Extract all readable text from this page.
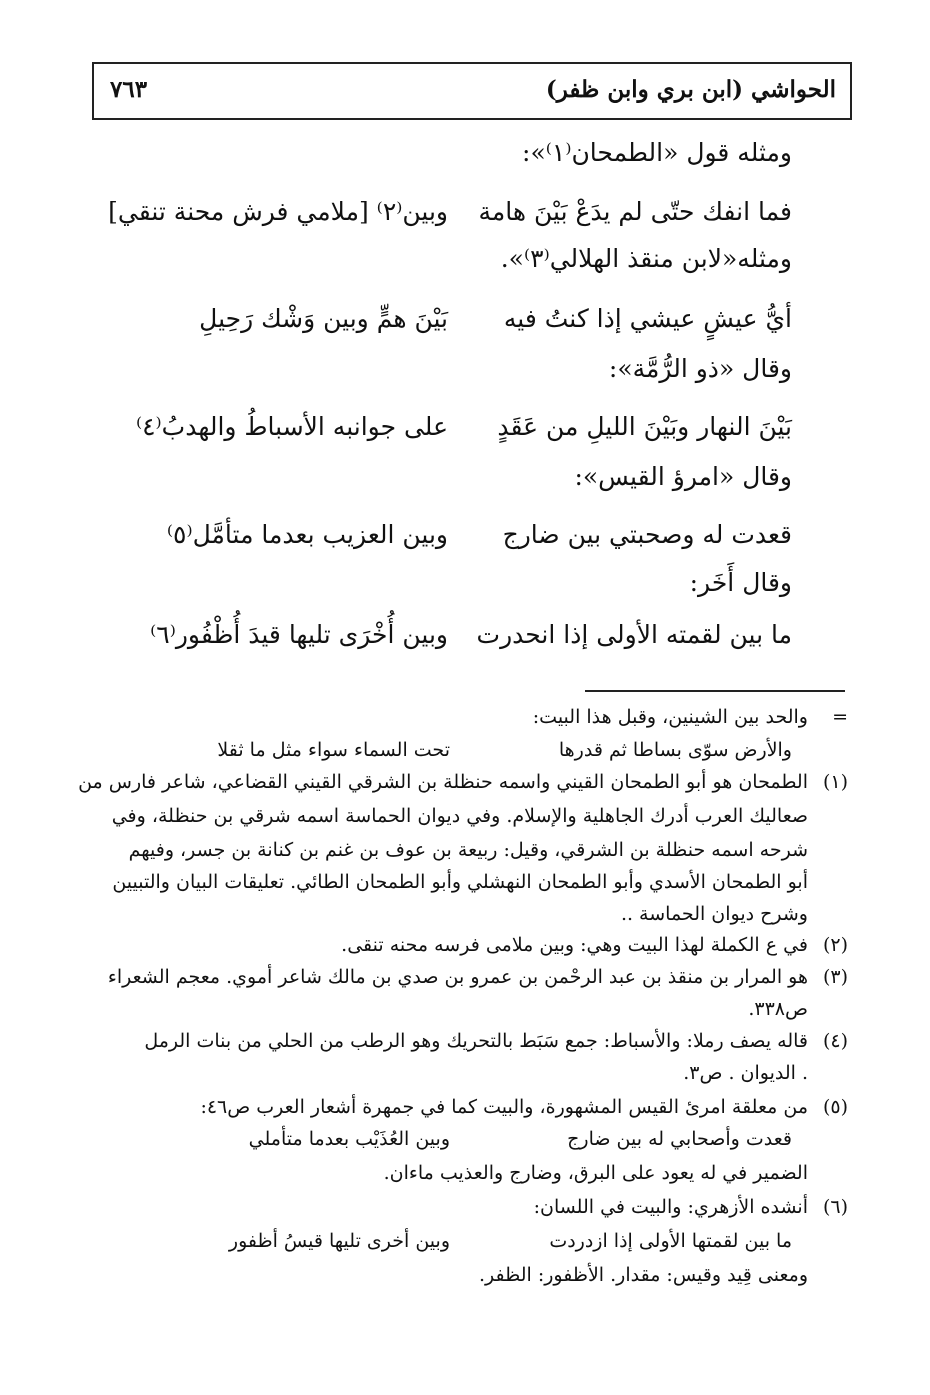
الحواشي (ابن بري وابن ظفر)
٧٦٣
ومثله قول «الطمحان⁽١⁾»:
فما انفك حتّى لم يدَعْ بَيْنَ هامة
وبين⁽٢⁾ [ملامي فرش محنة تنقي]
ومثله«لابن منقذ الهلالي⁽٣⁾».
أيُّ عيشٍ عيشي إذا كنتُ فيه
بَيْنَ همٍّ وبين وَشْك رَحِيلِ
وقال «ذو الرُّمَّة»:
بَيْنَ النهار وبَيْنَ الليلِ من عَقَدٍ
على جوانبه الأسباطُ والهدبُ⁽٤⁾
وقال «امرؤ القيس»:
قعدت له وصحبتي بين ضارج
وبين العزيب بعدما متأمَّل⁽٥⁾
وقال أَخَر:
ما بين لقمته الأولى إذا انحدرت
وبين أُخْرَى تليها قيدَ أُظْفُور⁽٦⁾
=
والحد بين الشينين، وقبل هذا البيت:
والأرض سوّى بساطا ثم قدرها
تحت السماء سواء مثل ما ثقلا
(١)
الطمحان هو أبو الطمحان القيني واسمه حنظلة بن الشرقي القيني القضاعي، شاعر فارس من
صعاليك العرب أدرك الجاهلية والإسلام. وفي ديوان الحماسة اسمه شرقي بن حنظلة، وفي
شرحه اسمه حنظلة بن الشرقي، وقيل: ربيعة بن عوف بن غنم بن كنانة بن جسر، وفيهم
أبو الطمحان الأسدي وأبو الطمحان النهشلي وأبو الطمحان الطائي. تعليقات البيان والتبيين
وشرح ديوان الحماسة ..
(٢)
في ع الكملة لهذا البيت وهي: وبين ملامى فرسه محنه تنقى.
(٣)
هو المرار بن منقذ بن عبد الرحْمن بن عمرو بن صدي بن مالك شاعر أموي. معجم الشعراء
ص٣٣٨.
(٤)
قاله يصف رملا: والأسباط: جمع سَبَط بالتحريك وهو الرطب من الحلي من بنات الرمل
. الديوان . ص٣.
(٥)
من معلقة امرئ القيس المشهورة، والبيت كما في جمهرة أشعار العرب ص٤٦:
قعدت وأصحابي له بين ضارج
وبين العُذَيْب بعدما متأملي
الضمير في له يعود على البرق، وضارج والعذيب ماءان.
(٦)
أنشده الأزهري: والبيت في اللسان:
ما بين لقمتها الأولى إذا ازدردت
وبين أخرى تليها قيسُ أظفور
ومعنى قِيد وقيس: مقدار. الأظفور: الظفر.
